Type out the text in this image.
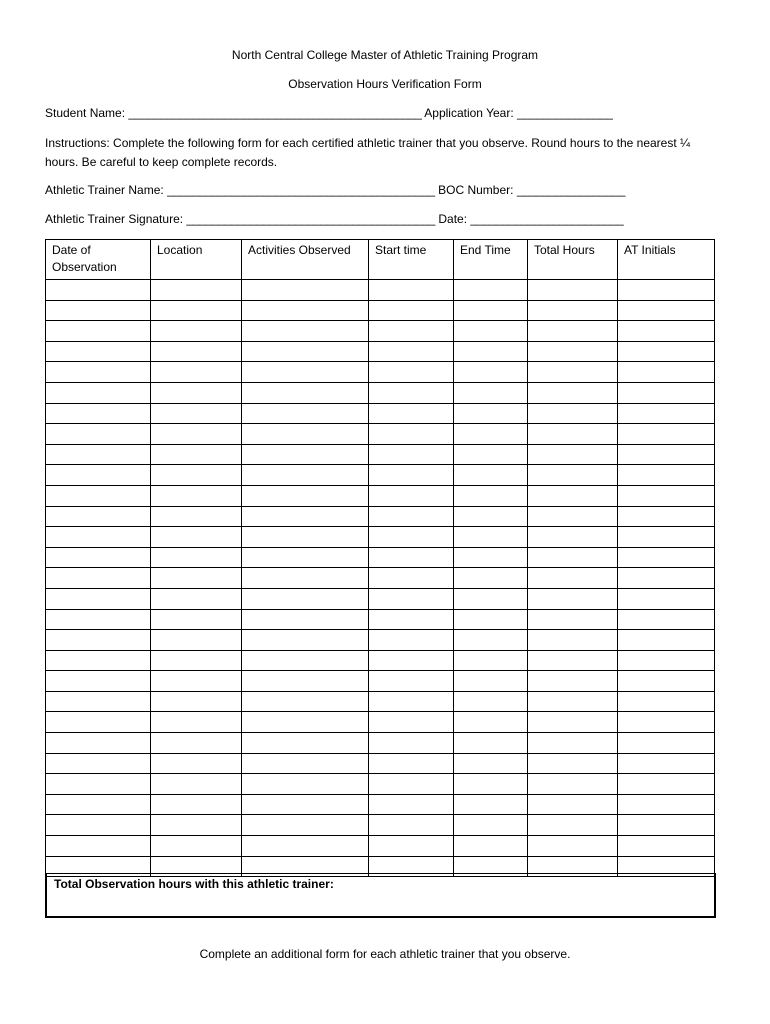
North Central College Master of Athletic Training Program
Observation Hours Verification Form
Student Name: ______________________________________________ Application Year: _______________
Instructions: Complete the following form for each certified athletic trainer that you observe. Round hours to the nearest ¼ hours. Be careful to keep complete records.
Athletic Trainer Name: __________________________________________ BOC Number: _________________
Athletic Trainer Signature: _______________________________________ Date: ________________________
Date of Observation	Location	Activities Observed	Start time	End Time	Total Hours	AT Initials

Total Observation hours with this athletic trainer:
Complete an additional form for each athletic trainer that you observe.
